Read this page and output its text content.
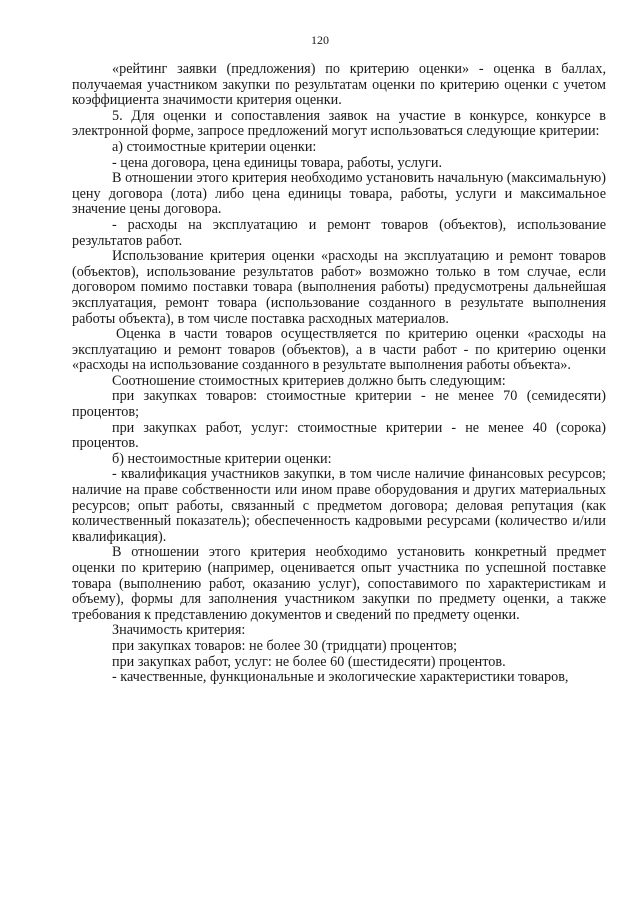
120

«рейтинг заявки (предложения) по критерию оценки» - оценка в баллах, получаемая участником закупки по результатам оценки по критерию оценки с учетом коэффициента значимости критерия оценки.

5. Для оценки и сопоставления заявок на участие в конкурсе, конкурсе в электронной форме, запросе предложений могут использоваться следующие критерии:

а) стоимостные критерии оценки:

- цена договора, цена единицы товара, работы, услуги.

В отношении этого критерия необходимо установить начальную (максимальную) цену договора (лота) либо цена единицы товара, работы, услуги и максимальное значение цены договора.

- расходы на эксплуатацию и ремонт товаров (объектов), использование результатов работ.

Использование критерия оценки «расходы на эксплуатацию и ремонт товаров (объектов), использование результатов работ» возможно только в том случае, если договором помимо поставки товара (выполнения работы) предусмотрены дальнейшая эксплуатация, ремонт товара (использование созданного в результате выполнения работы объекта), в том числе поставка расходных материалов.

Оценка в части товаров осуществляется по критерию оценки «расходы на эксплуатацию и ремонт товаров (объектов), а в части работ - по критерию оценки «расходы на использование созданного в результате выполнения работы объекта».

Соотношение стоимостных критериев должно быть следующим:

при закупках товаров: стоимостные критерии - не менее 70 (семидесяти) процентов;

при закупках работ, услуг: стоимостные критерии - не менее 40 (сорока) процентов.

б) нестоимостные критерии оценки:

- квалификация участников закупки, в том числе наличие финансовых ресурсов; наличие на праве собственности или ином праве оборудования и других материальных ресурсов; опыт работы, связанный с предметом договора; деловая репутация (как количественный показатель); обеспеченность кадровыми ресурсами (количество и/или квалификация).

В отношении этого критерия необходимо установить конкретный предмет оценки по критерию (например, оценивается опыт участника по успешной поставке товара (выполнению работ, оказанию услуг), сопоставимого по характеристикам и объему), формы для заполнения участником закупки по предмету оценки, а также требования к представлению документов и сведений по предмету оценки.

Значимость критерия:

при закупках товаров: не более 30 (тридцати) процентов;

при закупках работ, услуг: не более 60 (шестидесяти) процентов.

- качественные, функциональные и экологические характеристики товаров,
